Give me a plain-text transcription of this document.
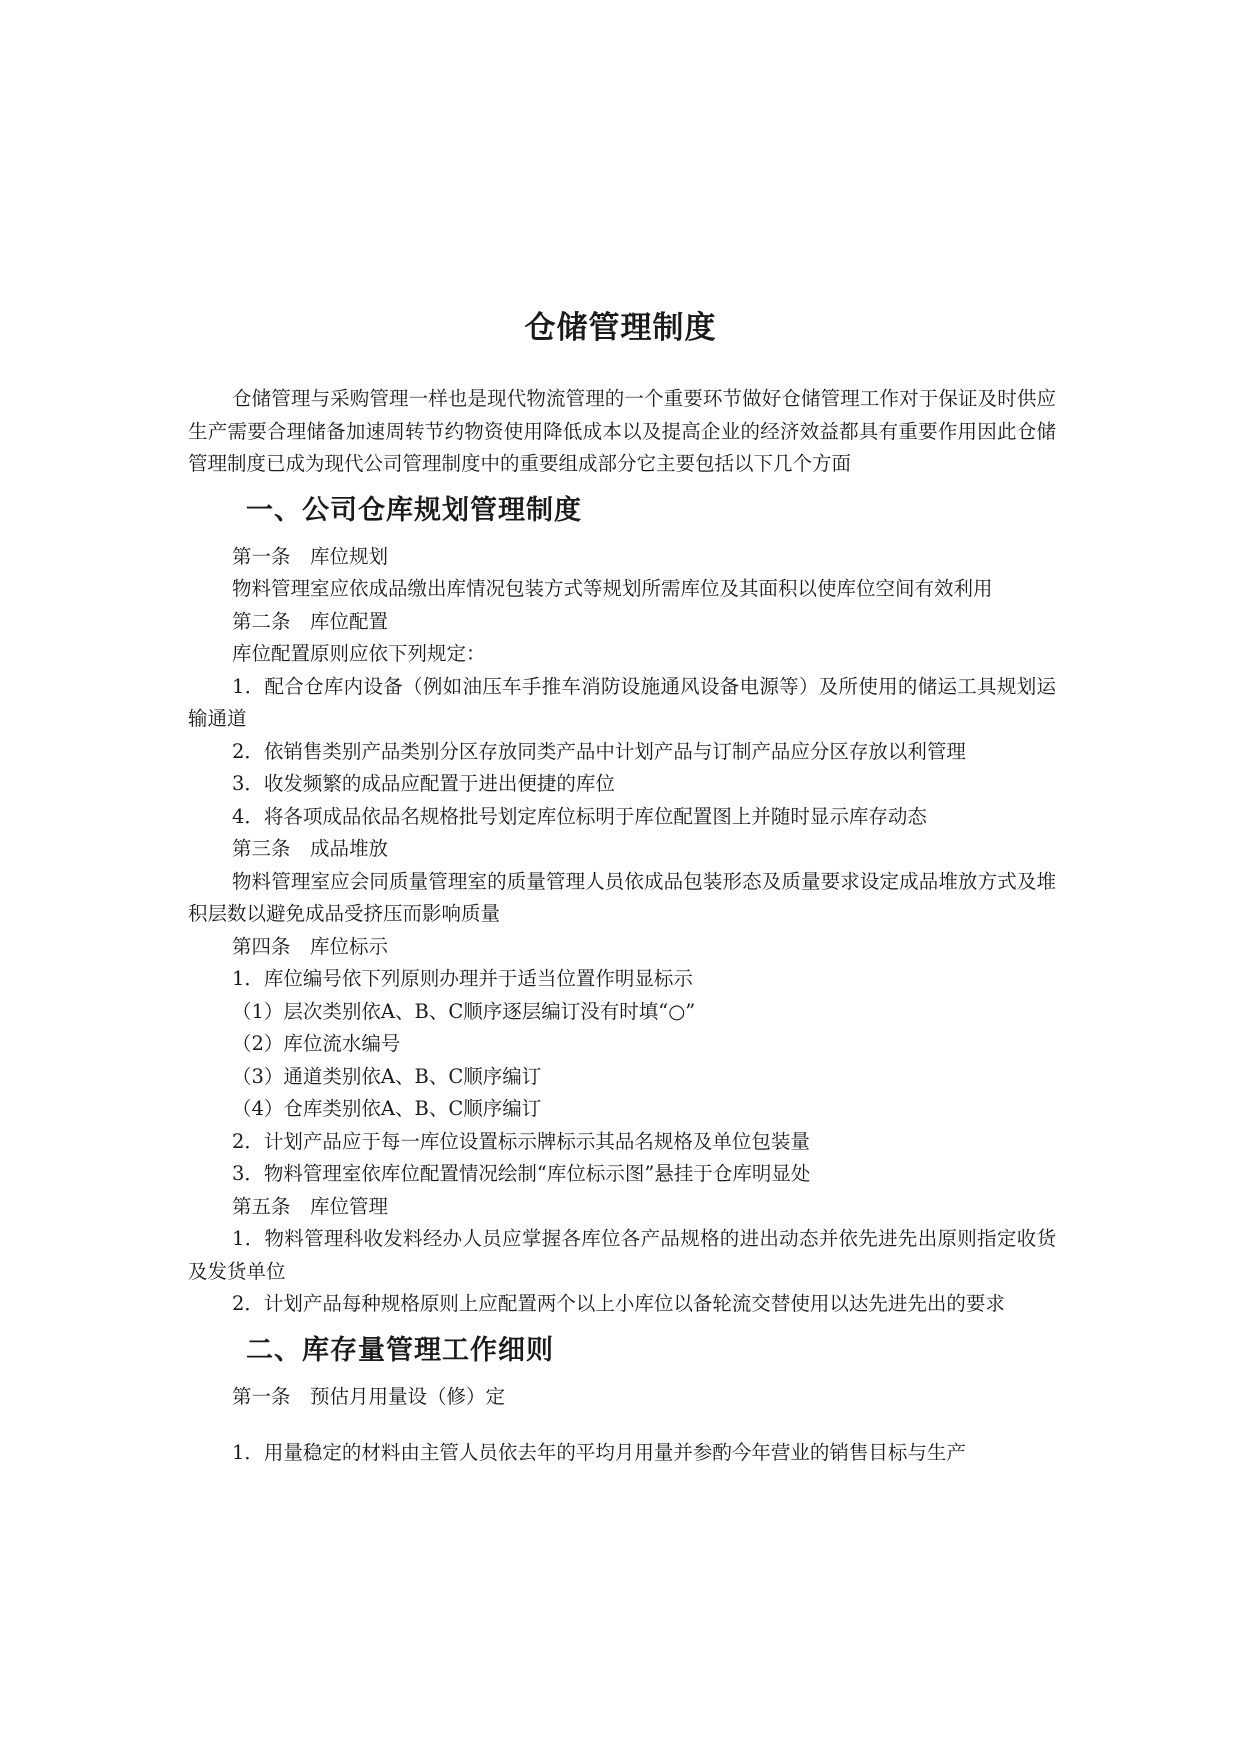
仓储管理制度

仓储管理与采购管理一样也是现代物流管理的一个重要环节做好仓储管理工作对于保证及时供应生产需要合理储备加速周转节约物资使用降低成本以及提高企业的经济效益都具有重要作用因此仓储管理制度已成为现代公司管理制度中的重要组成部分它主要包括以下几个方面

一、公司仓库规划管理制度

第一条　库位规划

物料管理室应依成品缴出库情况包装方式等规划所需库位及其面积以使库位空间有效利用

第二条　库位配置

库位配置原则应依下列规定：

1．配合仓库内设备（例如油压车手推车消防设施通风设备电源等）及所使用的储运工具规划运输通道

2．依销售类别产品类别分区存放同类产品中计划产品与订制产品应分区存放以利管理

3．收发频繁的成品应配置于进出便捷的库位

4．将各项成品依品名规格批号划定库位标明于库位配置图上并随时显示库存动态

第三条　成品堆放

物料管理室应会同质量管理室的质量管理人员依成品包装形态及质量要求设定成品堆放方式及堆积层数以避免成品受挤压而影响质量

第四条　库位标示

1．库位编号依下列原则办理并于适当位置作明显标示

（1）层次类别依A、B、C顺序逐层编订没有时填“○”

（2）库位流水编号

（3）通道类别依A、B、C顺序编订

（4）仓库类别依A、B、C顺序编订

2．计划产品应于每一库位设置标示牌标示其品名规格及单位包装量

3．物料管理室依库位配置情况绘制“库位标示图”悬挂于仓库明显处

第五条　库位管理

1．物料管理科收发料经办人员应掌握各库位各产品规格的进出动态并依先进先出原则指定收货及发货单位

2．计划产品每种规格原则上应配置两个以上小库位以备轮流交替使用以达先进先出的要求

二、库存量管理工作细则

第一条　预估月用量设（修）定

1．用量稳定的材料由主管人员依去年的平均月用量并参酌今年营业的销售目标与生产
